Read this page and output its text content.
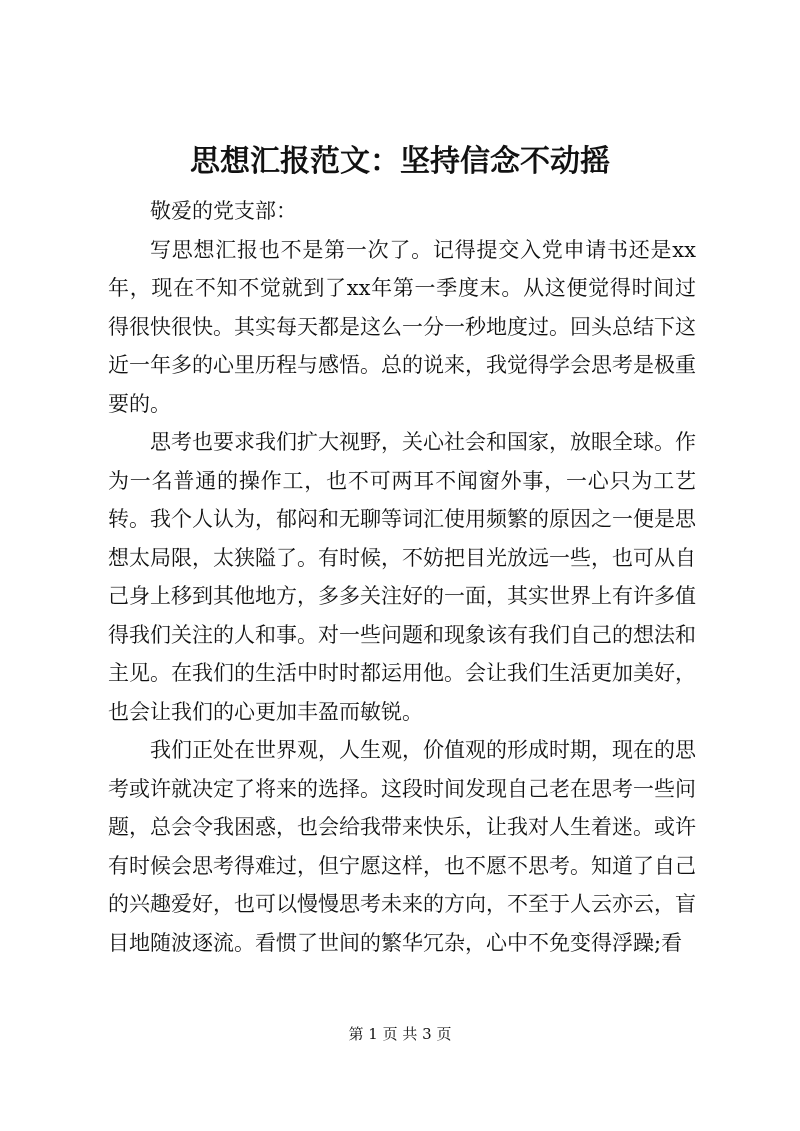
思想汇报范文：坚持信念不动摇

敬爱的党支部：

写思想汇报也不是第一次了。记得提交入党申请书还是xx年，现在不知不觉就到了xx年第一季度末。从这便觉得时间过得很快很快。其实每天都是这么一分一秒地度过。回头总结下这近一年多的心里历程与感悟。总的说来，我觉得学会思考是极重要的。

思考也要求我们扩大视野，关心社会和国家，放眼全球。作为一名普通的操作工，也不可两耳不闻窗外事，一心只为工艺转。我个人认为，郁闷和无聊等词汇使用频繁的原因之一便是思想太局限，太狭隘了。有时候，不妨把目光放远一些，也可从自己身上移到其他地方，多多关注好的一面，其实世界上有许多值得我们关注的人和事。对一些问题和现象该有我们自己的想法和主见。在我们的生活中时时都运用他。会让我们生活更加美好，也会让我们的心更加丰盈而敏锐。

我们正处在世界观，人生观，价值观的形成时期，现在的思考或许就决定了将来的选择。这段时间发现自己老在思考一些问题，总会令我困惑，也会给我带来快乐，让我对人生着迷。或许有时候会思考得难过，但宁愿这样，也不愿不思考。知道了自己的兴趣爱好，也可以慢慢思考未来的方向，不至于人云亦云，盲目地随波逐流。看惯了世间的繁华冗杂，心中不免变得浮躁;看

第 1 页 共 3 页
